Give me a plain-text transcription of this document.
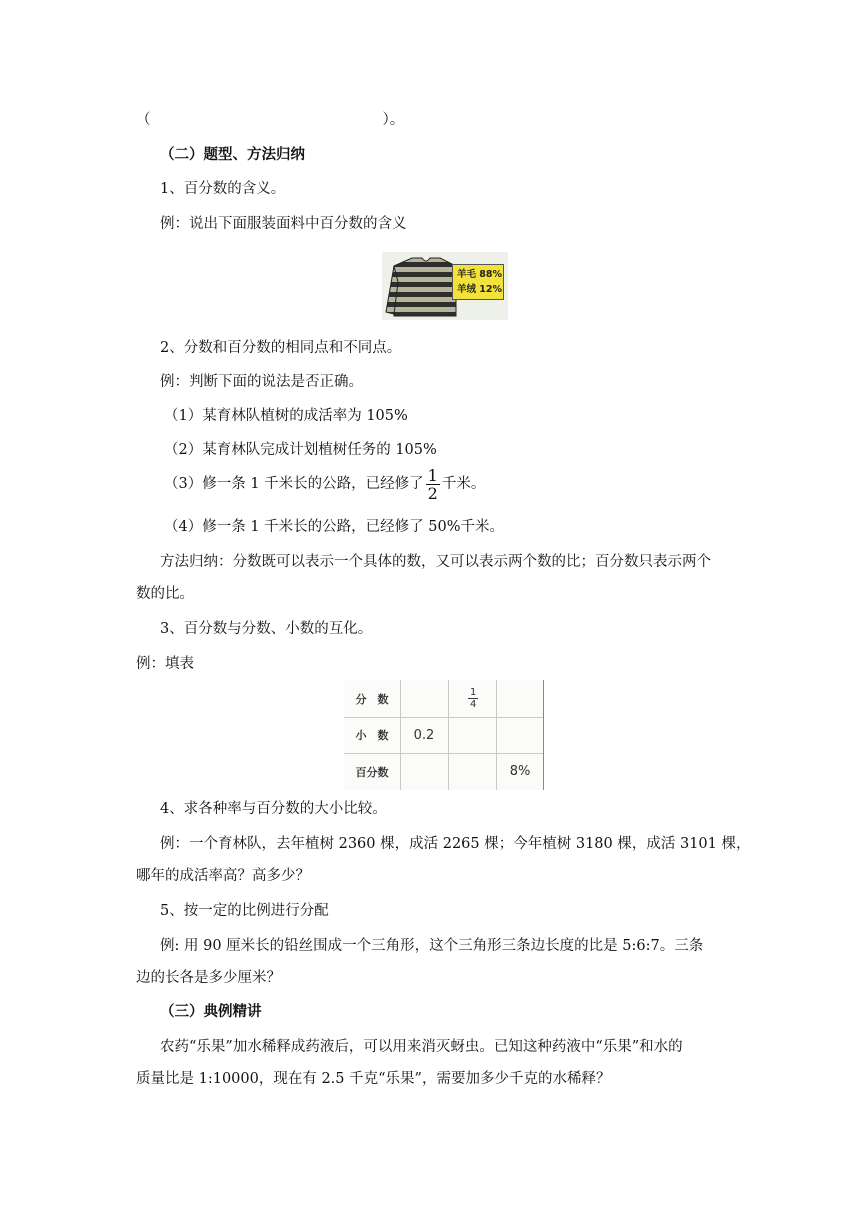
（　　　　　　　　　　　　　　　　）。
（二）题型、方法归纳
1、百分数的含义。
例：说出下面服装面料中百分数的含义
羊毛 88%
羊绒 12%
2、分数和百分数的相同点和不同点。
例：判断下面的说法是否正确。
（1）某育林队植树的成活率为 105%
（2）某育林队完成计划植树任务的 105%
（3）修一条 1 千米长的公路，已经修了 $\frac{1}{2}$ 千米。
（4）修一条 1 千米长的公路，已经修了 50%千米。
方法归纳：分数既可以表示一个具体的数，又可以表示两个数的比；百分数只表示两个
数的比。
3、百分数与分数、小数的互化。
例：填表
分　数
小　数
百分数
$\frac{1}{4}$
0.2
8%
4、求各种率与百分数的大小比较。
例：一个育林队，去年植树 2360 棵，成活 2265 棵；今年植树 3180 棵，成活 3101 棵，
哪年的成活率高？高多少？
5、按一定的比例进行分配
例: 用 90 厘米长的铅丝围成一个三角形，这个三角形三条边长度的比是 5:6:7。三条
边的长各是多少厘米？
（三）典例精讲
农药“乐果”加水稀释成药液后，可以用来消灭蚜虫。已知这种药液中“乐果”和水的
质量比是 1:10000，现在有 2.5 千克“乐果”，需要加多少千克的水稀释？
